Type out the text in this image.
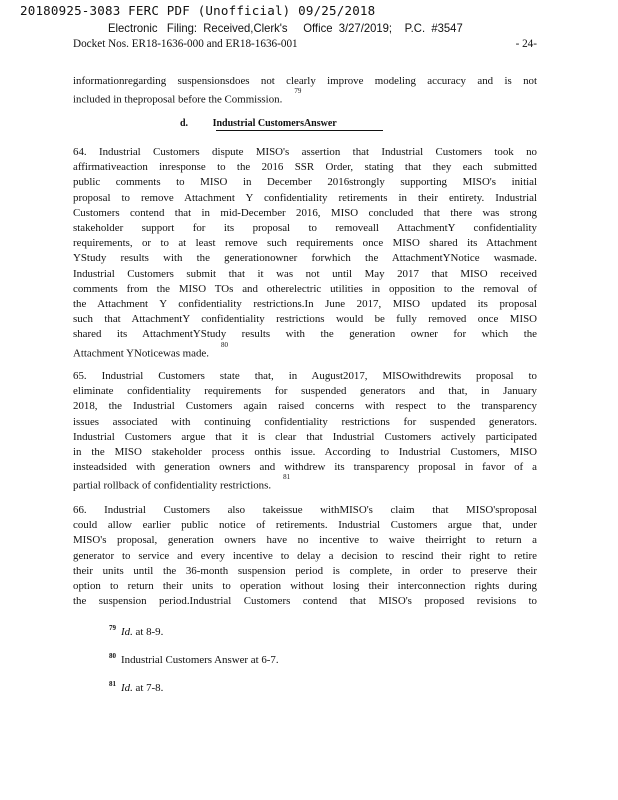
20180925-3083 FERC PDF (Unofficial) 09/25/2018
Electronic   Filing:  Received,Clerk's     Office  3/27/2019;    P.C.  #3547
Docket Nos. ER18-1636-000 and ER18-1636-001	- 24-
informationregarding suspensionsdoes not clearly improve modeling accuracy and is not
included in theproposal before the Commission.$^{79}$
d. Industrial CustomersAnswer
64. Industrial Customers dispute MISO's assertion that Industrial Customers took no
affirmativeaction inresponse to the 2016 SSR Order, stating that they each submitted
public comments to MISO in December 2016strongly supporting MISO's initial
proposal to remove Attachment Y confidentiality retirements in their entirety. Industrial
Customers contend that in mid-December 2016, MISO concluded that there was strong
stakeholder support for its proposal to removeall AttachmentY confidentiality
requirements, or to at least remove such requirements once MISO shared its Attachment
YStudy results with the generationowner forwhich the AttachmentYNotice wasmade.
Industrial Customers submit that it was not until May 2017 that MISO received
comments from the MISO TOs and otherelectric utilities in opposition to the removal of
the Attachment Y confidentiality restrictions.In June 2017, MISO updated its proposal
such that AttachmentY confidentiality restrictions would be fully removed once MISO
shared its AttachmentYStudy results with the generation owner for which the
Attachment YNoticewas made.$^{80}$
65. Industrial Customers state that, in August2017, MISOwithdrewits proposal to
eliminate confidentiality requirements for suspended generators and that, in January
2018, the Industrial Customers again raised concerns with respect to the transparency
issues associated with continuing confidentiality restrictions for suspended generators.
Industrial Customers argue that it is clear that Industrial Customers actively participated
in the MISO stakeholder process onthis issue. According to Industrial Customers, MISO
insteadsided with generation owners and withdrew its transparency proposal in favor of a
partial rollback of confidentiality restrictions.$^{81}$
66. Industrial Customers also takeissue withMISO's claim that MISO'sproposal
could allow earlier public notice of retirements. Industrial Customers argue that, under
MISO's proposal, generation owners have no incentive to waive theirright to return a
generator to service and every incentive to delay a decision to rescind their right to retire
their units until the 36-month suspension period is complete, in order to preserve their
option to return their units to operation without losing their interconnection rights during
the suspension period.Industrial Customers contend that MISO's proposed revisions to
$^{79}$ Id. at 8-9.
$^{80}$ Industrial Customers Answer at 6-7.
$^{81}$ Id. at 7-8.
